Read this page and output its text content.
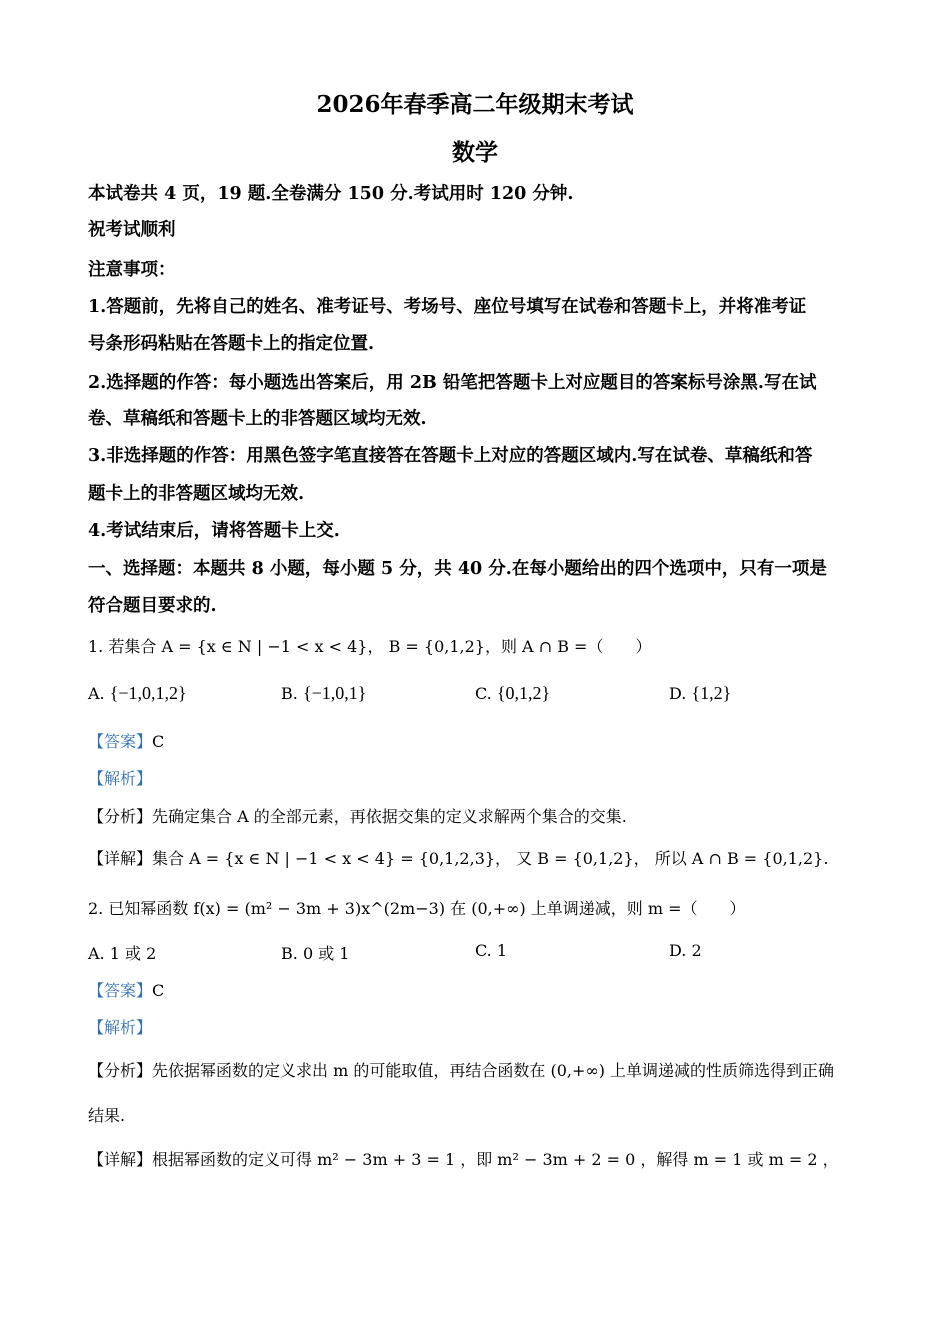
2026年春季高二年级期末考试
数学
本试卷共 4 页，19 题.全卷满分 150 分.考试用时 120 分钟.
祝考试顺利
注意事项：
1.答题前，先将自己的姓名、准考证号、考场号、座位号填写在试卷和答题卡上，并将准考证
号条形码粘贴在答题卡上的指定位置.
2.选择题的作答：每小题选出答案后，用 2B 铅笔把答题卡上对应题目的答案标号涂黑.写在试
卷、草稿纸和答题卡上的非答题区域均无效.
3.非选择题的作答：用黑色签字笔直接答在答题卡上对应的答题区域内.写在试卷、草稿纸和答
题卡上的非答题区域均无效.
4.考试结束后，请将答题卡上交.
一、选择题：本题共 8 小题，每小题 5 分，共 40 分.在每小题给出的四个选项中，只有一项是
符合题目要求的.
1. 若集合 A = {x ∈ N | −1 < x < 4}， B = {0,1,2}，则 A ∩ B =（　　）
A. {−1,0,1,2}	B. {−1,0,1}	C. {0,1,2}	D. {1,2}
【答案】C
【解析】
【分析】先确定集合 A 的全部元素，再依据交集的定义求解两个集合的交集.
【详解】集合 A = {x ∈ N | −1 < x < 4} = {0,1,2,3}， 又 B = {0,1,2}， 所以 A ∩ B = {0,1,2}.
2. 已知幂函数 f(x) = (m² − 3m + 3)x^(2m−3) 在 (0,+∞) 上单调递减，则 m =（　　）
A. 1 或 2	B. 0 或 1	C. 1	D. 2
【答案】C
【解析】
【分析】先依据幂函数的定义求出 m 的可能取值，再结合函数在 (0,+∞) 上单调递减的性质筛选得到正确
结果.
【详解】根据幂函数的定义可得 m² − 3m + 3 = 1 ，即 m² − 3m + 2 = 0 ，解得 m = 1 或 m = 2 ，
